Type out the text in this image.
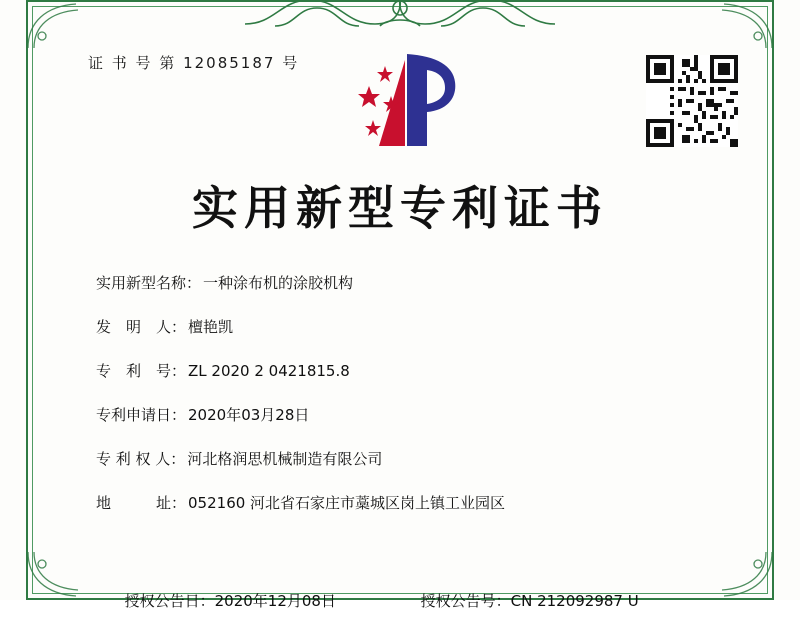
证 书 号 第 12085187 号
实用新型专利证书
实用新型名称： 一种涂布机的涂胶机构
发　明　人： 檀艳凯
专　利　号： ZL 2020 2 0421815.8
专利申请日： 2020年03月28日
专 利 权 人： 河北格润思机械制造有限公司
地　　　址： 052160 河北省石家庄市藁城区岗上镇工业园区

授权公告日：2020年12月08日
	授权公告号：CN 212092987 U
